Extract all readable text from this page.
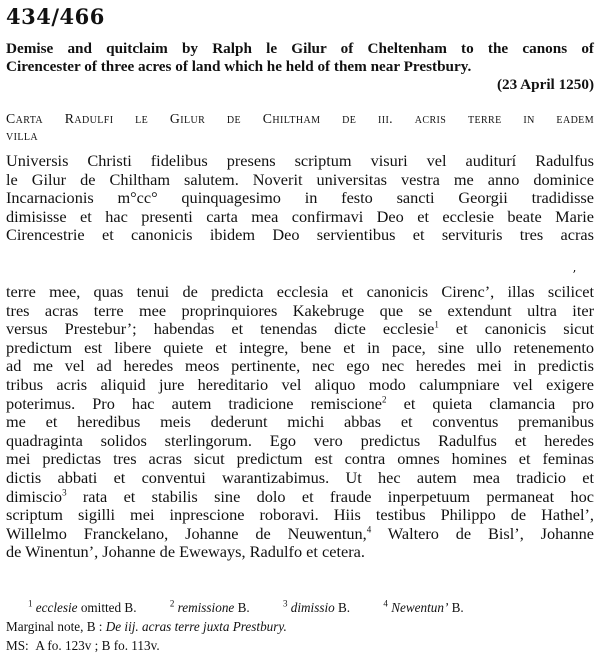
434/466
Demise and quitclaim by Ralph le Gilur of Cheltenham to the canons of
Cirencester of three acres of land which he held of them near Prestbury.
(23 April 1250)
Carta Radulfi le Gilur de Chiltham de iii. acris terre in eadem
villa
Universis Christi fidelibus presens scriptum visuri vel auditurí Radulfus
le Gilur de Chiltham salutem. Noverit universitas vestra me anno dominice
Incarnacionis m°cc° quinquagesimo in festo sancti Georgii tradidisse
dimisisse et hac presenti carta mea confirmavi Deo et ecclesie beate Marie
Cirencestrie et canonicis ibidem Deo servientibus et servituris tres acras
ʼ
terre mee, quas tenui de predicta ecclesia et canonicis Cirenc’, illas scilicet
tres acras terre mee proprinquiores Kakebruge que se extendunt ultra iter
versus Prestebur’; habendas et tenendas dicte ecclesie$^1$ et canonicis sicut
predictum est libere quiete et integre, bene et in pace, sine ullo retenemento
ad me vel ad heredes meos pertinente, nec ego nec heredes mei in predictis
tribus acris aliquid jure hereditario vel aliquo modo calumpniare vel exigere
poterimus. Pro hac autem tradicione remiscione$^2$ et quieta clamancia pro
me et heredibus meis dederunt michi abbas et conventus premanibus
quadraginta solidos sterlingorum. Ego vero predictus Radulfus et heredes
mei predictas tres acras sicut predictum est contra omnes homines et feminas
dictis abbati et conventui warantizabimus. Ut hec autem mea tradicio et
dimiscio$^3$ rata et stabilis sine dolo et fraude inperpetuum permaneat hoc
scriptum sigilli mei inprescione roboravi. Hiis testibus Philippo de Hathel’,
Willelmo Franckelano, Johanne de Neuwentun,$^4$ Waltero de Bisl’, Johanne
de Winentun’, Johanne de Eweways, Radulfo et cetera.
$^1$ ecclesie omitted B.	$^2$ remissione B.	$^3$ dimissio B.	$^4$ Newentun’ B.
Marginal note, B : De iij. acras terre juxta Prestbury.
MS: A fo. 123v ; B fo. 113v.
